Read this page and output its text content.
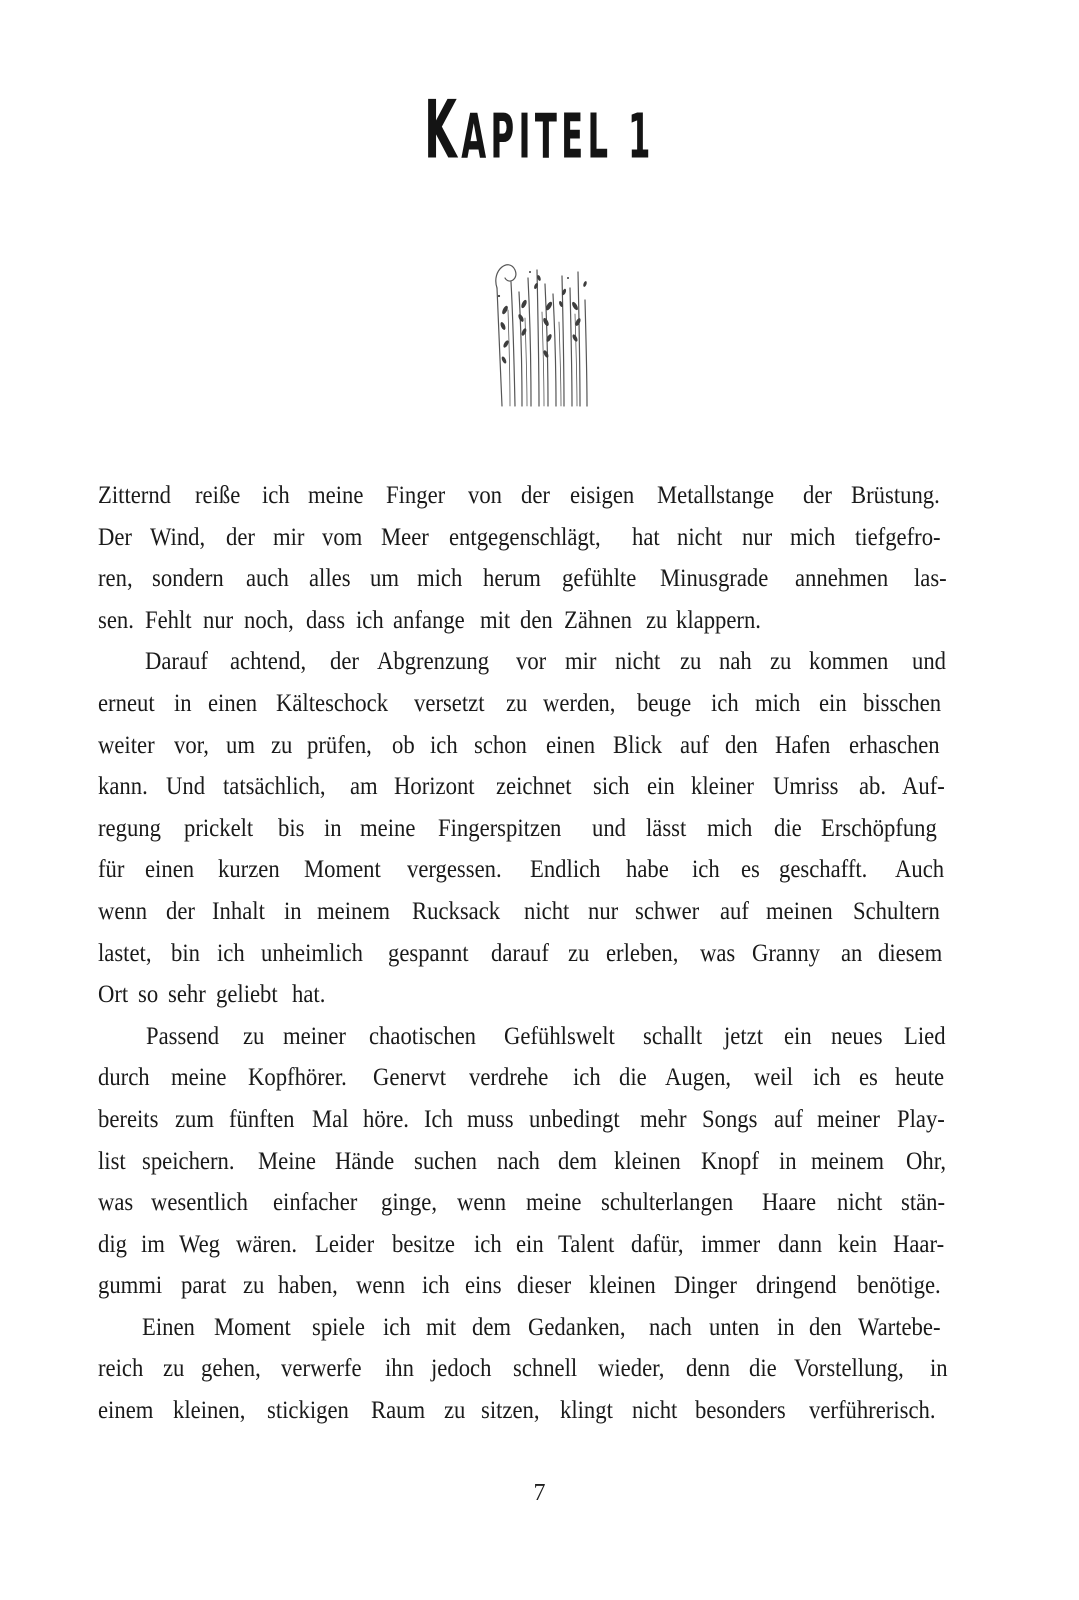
KAPITEL 1

Zitternd reiße ich meine Finger von der eisigen Metallstange der Brüstung.
Der Wind, der mir vom Meer entgegenschlägt, hat nicht nur mich tiefgefro-
ren, sondern auch alles um mich herum gefühlte Minusgrade annehmen las-
sen. Fehlt nur noch, dass ich anfange mit den Zähnen zu klappern.

Darauf achtend, der Abgrenzung vor mir nicht zu nah zu kommen und
erneut in einen Kälteschock versetzt zu werden, beuge ich mich ein bisschen
weiter vor, um zu prüfen, ob ich schon einen Blick auf den Hafen erhaschen
kann. Und tatsächlich, am Horizont zeichnet sich ein kleiner Umriss ab. Auf-
regung prickelt bis in meine Fingerspitzen und lässt mich die Erschöpfung
für einen kurzen Moment vergessen. Endlich habe ich es geschafft. Auch
wenn der Inhalt in meinem Rucksack nicht nur schwer auf meinen Schultern
lastet, bin ich unheimlich gespannt darauf zu erleben, was Granny an diesem
Ort so sehr geliebt hat.

Passend zu meiner chaotischen Gefühlswelt schallt jetzt ein neues Lied
durch meine Kopfhörer. Genervt verdrehe ich die Augen, weil ich es heute
bereits zum fünften Mal höre. Ich muss unbedingt mehr Songs auf meiner Play-
list speichern. Meine Hände suchen nach dem kleinen Knopf in meinem Ohr,
was wesentlich einfacher ginge, wenn meine schulterlangen Haare nicht stän-
dig im Weg wären. Leider besitze ich ein Talent dafür, immer dann kein Haar-
gummi parat zu haben, wenn ich eins dieser kleinen Dinger dringend benötige.

Einen Moment spiele ich mit dem Gedanken, nach unten in den Wartebe-
reich zu gehen, verwerfe ihn jedoch schnell wieder, denn die Vorstellung, in
einem kleinen, stickigen Raum zu sitzen, klingt nicht besonders verführerisch.

7
